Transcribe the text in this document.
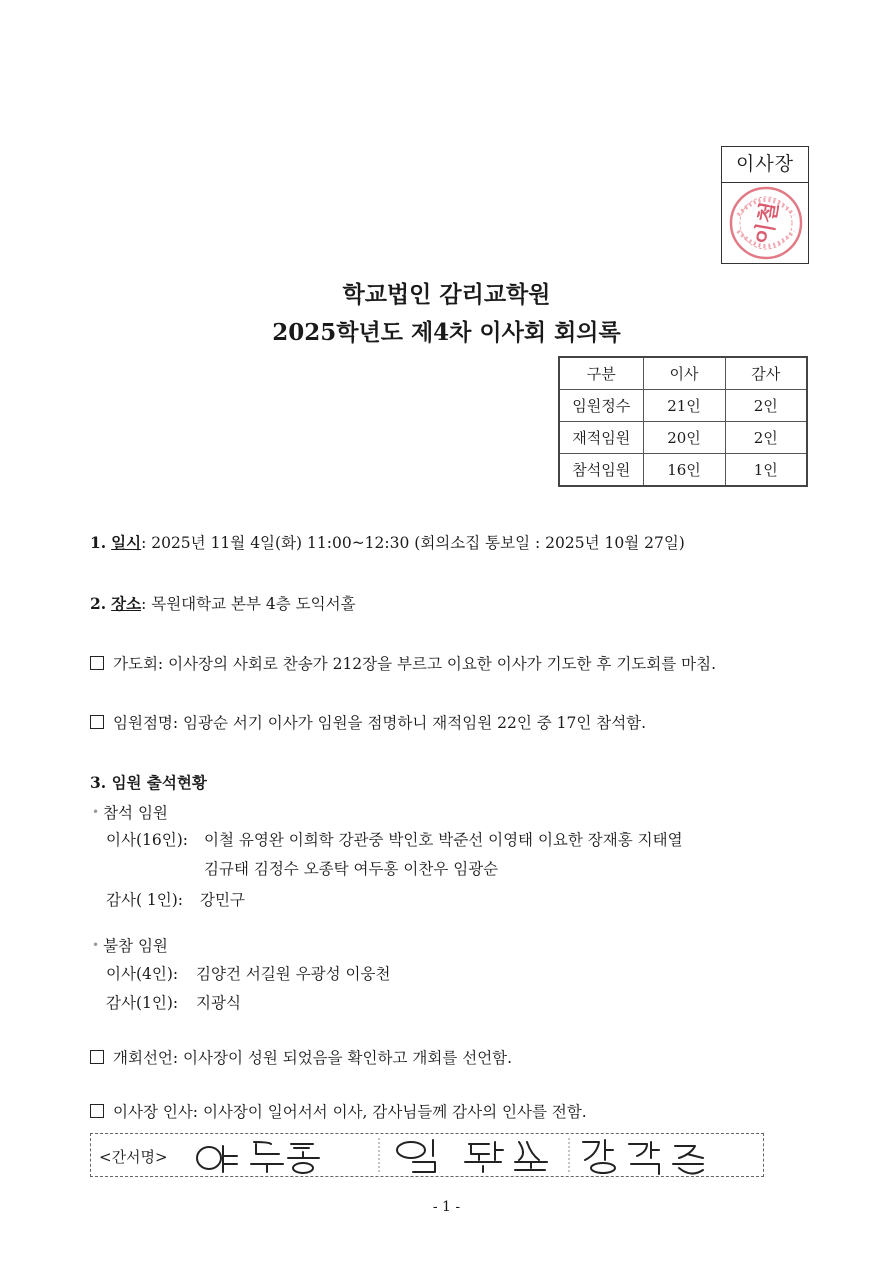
이사장
이철
학교법인 감리교학원
2025학년도 제4차 이사회 회의록
구분	이사	감사
임원정수	21인	2인
재적임원	20인	2인
참석임원	16인	1인
1. 일시: 2025년 11월 4일(화) 11:00~12:30 (회의소집 통보일 : 2025년 10월 27일)
2. 장소: 목원대학교 본부 4층 도익서홀
가도회: 이사장의 사회로 찬송가 212장을 부르고 이요한 이사가 기도한 후 기도회를 마침.
임원점명: 임광순 서기 이사가 임원을 점명하니 재적임원 22인 중 17인 참석함.
3. 임원 출석현황
• 참석 임원
이사(16인): 이철 유영완 이희학 강관중 박인호 박준선 이영태 이요한 장재홍 지태열
김규태 김정수 오종탁 여두홍 이찬우 임광순
감사( 1인): 강민구
• 불참 임원
이사(4인): 김양건 서길원 우광성 이웅천
감사(1인): 지광식
개회선언: 이사장이 성원 되었음을 확인하고 개회를 선언함.
이사장 인사: 이사장이 일어서서 이사, 감사님들께 감사의 인사를 전함.
<간서명>
- 1 -
